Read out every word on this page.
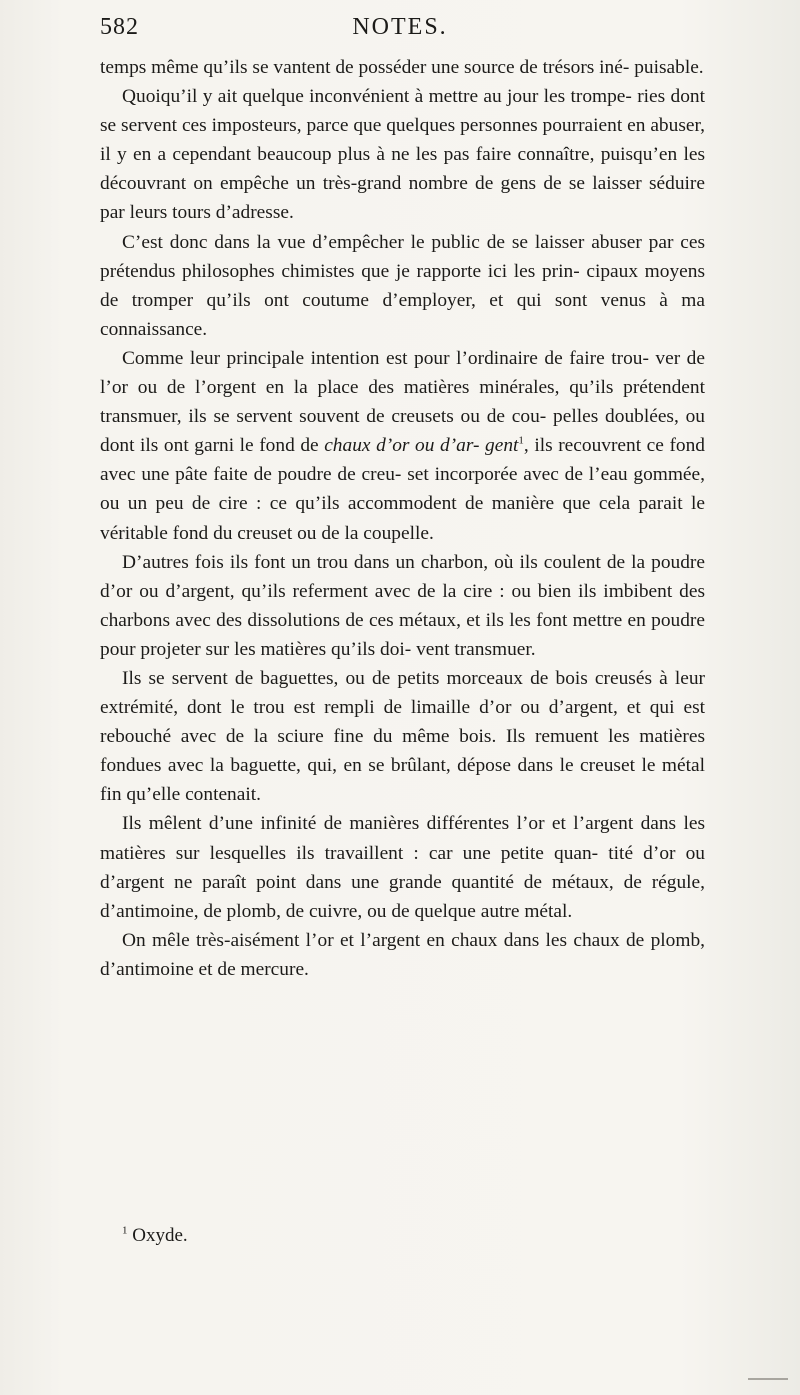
582	NOTES.

temps même qu’ils se vantent de posséder une source de trésors iné- puisable.

Quoiqu’il y ait quelque inconvénient à mettre au jour les trompe- ries dont se servent ces imposteurs, parce que quelques personnes pourraient en abuser, il y en a cependant beaucoup plus à ne les pas faire connaître, puisqu’en les découvrant on empêche un très-grand nombre de gens de se laisser séduire par leurs tours d’adresse.

C’est donc dans la vue d’empêcher le public de se laisser abuser par ces prétendus philosophes chimistes que je rapporte ici les prin- cipaux moyens de tromper qu’ils ont coutume d’employer, et qui sont venus à ma connaissance.

Comme leur principale intention est pour l’ordinaire de faire trou- ver de l’or ou de l’orgent en la place des matières minérales, qu’ils prétendent transmuer, ils se servent souvent de creusets ou de cou- pelles doublées, ou dont ils ont garni le fond de chaux d’or ou d’ar- gent$^1$, ils recouvrent ce fond avec une pâte faite de poudre de creu- set incorporée avec de l’eau gommée, ou un peu de cire : ce qu’ils accommodent de manière que cela parait le véritable fond du creuset ou de la coupelle.

D’autres fois ils font un trou dans un charbon, où ils coulent de la poudre d’or ou d’argent, qu’ils referment avec de la cire : ou bien ils imbibent des charbons avec des dissolutions de ces métaux, et ils les font mettre en poudre pour projeter sur les matières qu’ils doi- vent transmuer.

Ils se servent de baguettes, ou de petits morceaux de bois creusés à leur extrémité, dont le trou est rempli de limaille d’or ou d’argent, et qui est rebouché avec de la sciure fine du même bois. Ils remuent les matières fondues avec la baguette, qui, en se brûlant, dépose dans le creuset le métal fin qu’elle contenait.

Ils mêlent d’une infinité de manières différentes l’or et l’argent dans les matières sur lesquelles ils travaillent : car une petite quan- tité d’or ou d’argent ne paraît point dans une grande quantité de métaux, de régule, d’antimoine, de plomb, de cuivre, ou de quelque autre métal.

On mêle très-aisément l’or et l’argent en chaux dans les chaux de plomb, d’antimoine et de mercure.

$^1$ Oxyde.
